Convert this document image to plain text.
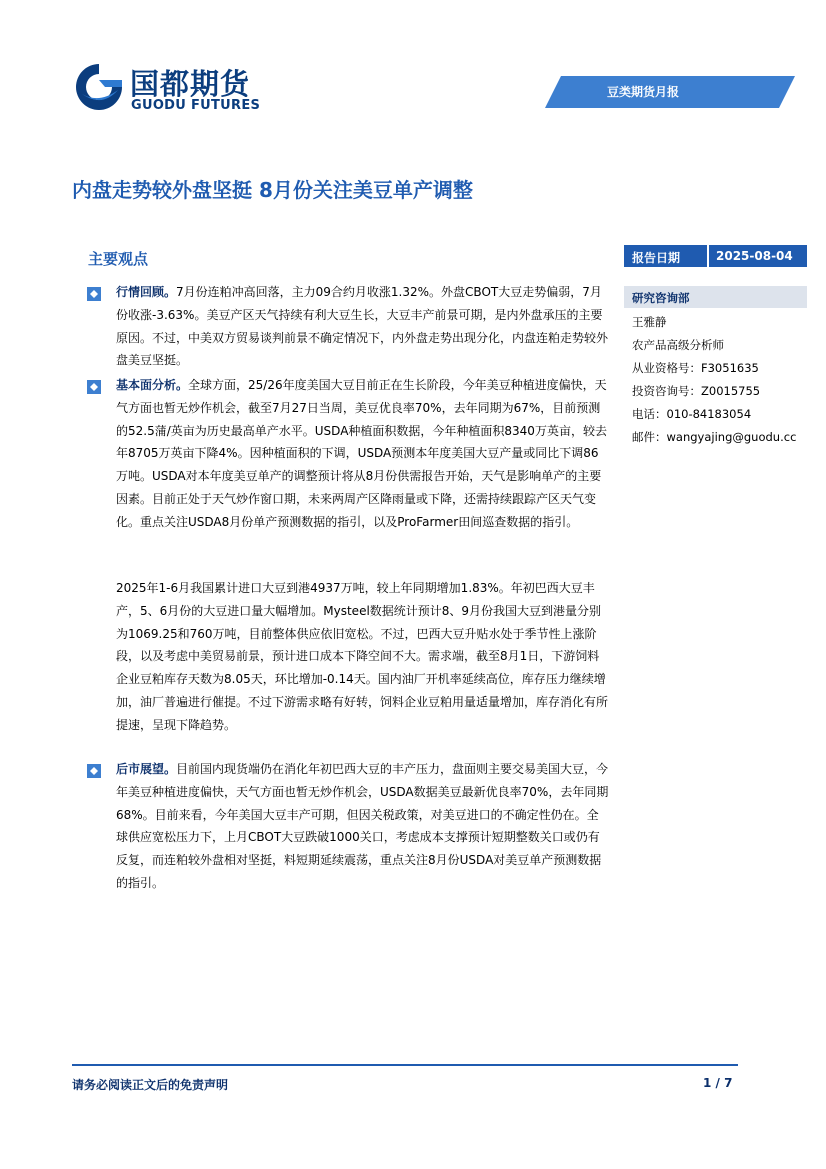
国都期货
GUODU FUTURES
豆类期货月报
内盘走势较外盘坚挺 8月份关注美豆单产调整
主要观点	报告日期	2025-08-04
研究咨询部
王雅静
农产品高级分析师
从业资格号：F3051635
投资咨询号：Z0015755
电话：010-84183054
邮件：wangyajing@guodu.cc
行情回顾。7月份连粕冲高回落，主力09合约月收涨1.32%。外盘CBOT大豆走势偏弱，7月份收涨-3.63%。美豆产区天气持续有利大豆生长，大豆丰产前景可期，是内外盘承压的主要原因。不过，中美双方贸易谈判前景不确定情况下，内外盘走势出现分化，内盘连粕走势较外盘美豆坚挺。
基本面分析。全球方面，25/26年度美国大豆目前正在生长阶段，今年美豆种植进度偏快，天气方面也暂无炒作机会，截至7月27日当周，美豆优良率70%，去年同期为67%，目前预测的52.5蒲/英亩为历史最高单产水平。USDA种植面积数据，今年种植面积8340万英亩，较去年8705万英亩下降4%。因种植面积的下调，USDA预测本年度美国大豆产量或同比下调86万吨。USDA对本年度美豆单产的调整预计将从8月份供需报告开始，天气是影响单产的主要因素。目前正处于天气炒作窗口期，未来两周产区降雨量或下降，还需持续跟踪产区天气变化。重点关注USDA8月份单产预测数据的指引，以及ProFarmer田间巡查数据的指引。
2025年1-6月我国累计进口大豆到港4937万吨，较上年同期增加1.83%。年初巴西大豆丰产，5、6月份的大豆进口量大幅增加。Mysteel数据统计预计8、9月份我国大豆到港量分别为1069.25和760万吨，目前整体供应依旧宽松。不过，巴西大豆升贴水处于季节性上涨阶段，以及考虑中美贸易前景，预计进口成本下降空间不大。需求端，截至8月1日，下游饲料企业豆粕库存天数为8.05天，环比增加-0.14天。国内油厂开机率延续高位，库存压力继续增加，油厂普遍进行催提。不过下游需求略有好转，饲料企业豆粕用量适量增加，库存消化有所提速，呈现下降趋势。
后市展望。目前国内现货端仍在消化年初巴西大豆的丰产压力，盘面则主要交易美国大豆，今年美豆种植进度偏快，天气方面也暂无炒作机会，USDA数据美豆最新优良率70%，去年同期68%。目前来看，今年美国大豆丰产可期，但因关税政策，对美豆进口的不确定性仍在。全球供应宽松压力下，上月CBOT大豆跌破1000关口，考虑成本支撑预计短期整数关口或仍有反复，而连粕较外盘相对坚挺，料短期延续震荡，重点关注8月份USDA对美豆单产预测数据的指引。
请务必阅读正文后的免责声明	1 / 7
